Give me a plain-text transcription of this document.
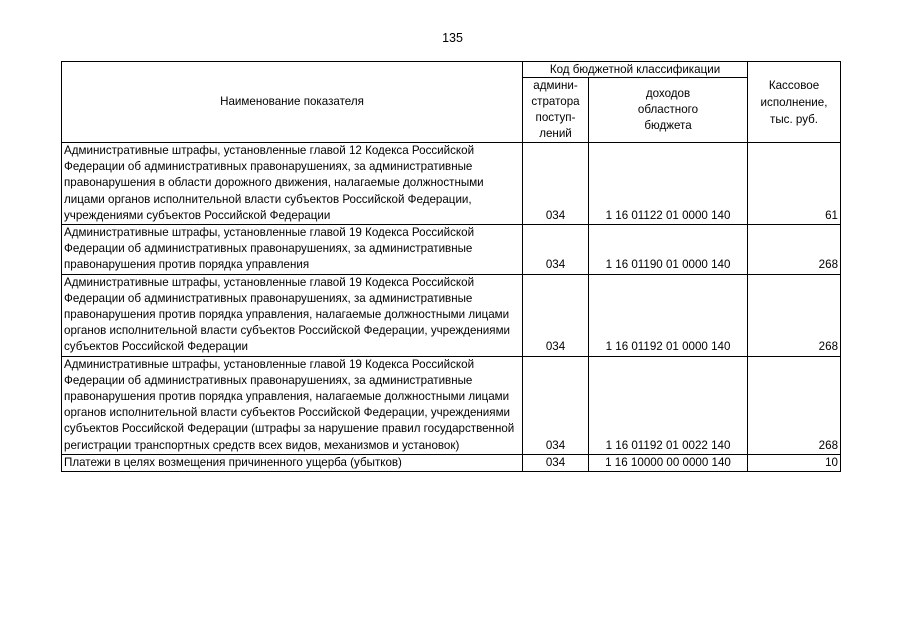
135
Наименование показателя	Код бюджетной классификации		Кассовое
исполнение,
тыс. руб.

	админи-
стратора
поступ-
лений	доходов
областного
бюджета	

Административные штрафы, установленные главой 12 Кодекса Российской Федерации об административных правонарушениях, за административные правонарушения в области дорожного движения, налагаемые должностными лицами органов исполнительной власти субъектов Российской Федерации, учреждениями субъектов Российской Федерации	034	1 16 01122 01 0000 140	61
Административные штрафы, установленные главой 19 Кодекса Российской Федерации об административных правонарушениях, за административные правонарушения против порядка управления	034	1 16 01190 01 0000 140	268
Административные штрафы, установленные главой 19 Кодекса Российской Федерации об административных правонарушениях, за административные правонарушения против порядка управления, налагаемые должностными лицами органов исполнительной власти субъектов Российской Федерации, учреждениями субъектов Российской Федерации	034	1 16 01192 01 0000 140	268
Административные штрафы, установленные главой 19 Кодекса Российской Федерации об административных правонарушениях, за административные правонарушения против порядка управления, налагаемые должностными лицами органов исполнительной власти субъектов Российской Федерации, учреждениями субъектов Российской Федерации (штрафы за нарушение правил государственной регистрации транспортных средств всех видов, механизмов и установок)	034	1 16 01192 01 0022 140	268
Платежи в целях возмещения причиненного ущерба (убытков)	034	1 16 10000 00 0000 140	10
